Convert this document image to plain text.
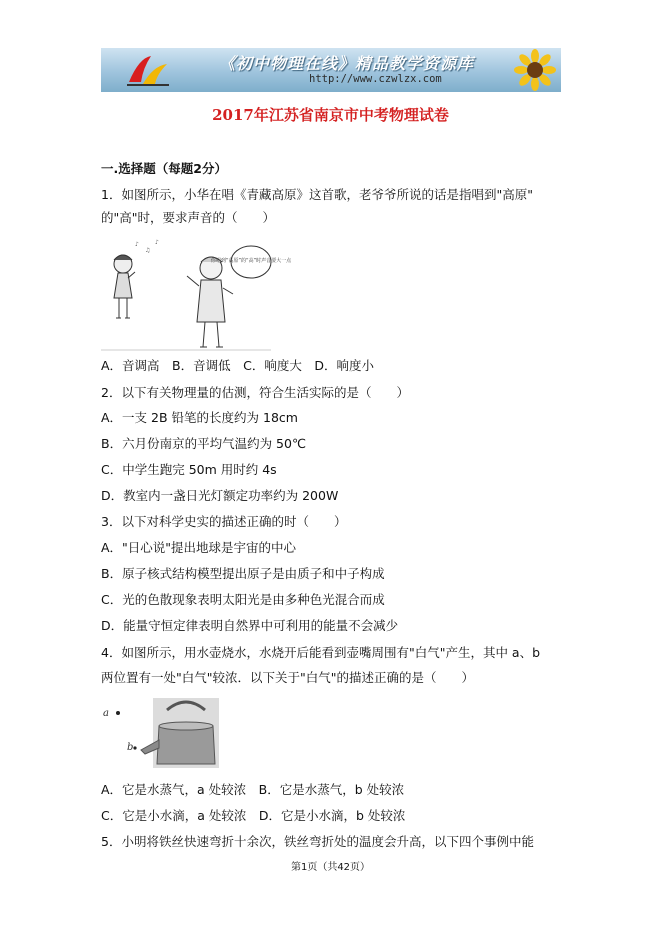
《初中物理在线》精品教学资源库
http://www.czwlzx.com
2017年江苏省南京市中考物理试卷
一.选择题（每题2分）
1．如图所示，小华在唱《青藏高原》这首歌，老爷爷所说的话是指唱到"高原"
的"高"时，要求声音的（　　）
♪
♫
♪
你唱到“高原”的“高”时声音要大一点
A．音调高　B．音调低　C．响度大　D．响度小
2．以下有关物理量的估测，符合生活实际的是（　　）
A．一支 2B 铅笔的长度约为 18cm
B．六月份南京的平均气温约为 50℃
C．中学生跑完 50m 用时约 4s
D．教室内一盏日光灯额定功率约为 200W
3．以下对科学史实的描述正确的时（　　）
A．"日心说"提出地球是宇宙的中心
B．原子核式结构模型提出原子是由质子和中子构成
C．光的色散现象表明太阳光是由多种色光混合而成
D．能量守恒定律表明自然界中可利用的能量不会减少
4．如图所示，用水壶烧水，水烧开后能看到壶嘴周围有"白气"产生，其中 a、b
两位置有一处"白气"较浓．以下关于"白气"的描述正确的是（　　）
a
b
A．它是水蒸气，a 处较浓　B．它是水蒸气，b 处较浓
C．它是小水滴，a 处较浓　D．它是小水滴，b 处较浓
5．小明将铁丝快速弯折十余次，铁丝弯折处的温度会升高，以下四个事例中能
第1页（共42页）
